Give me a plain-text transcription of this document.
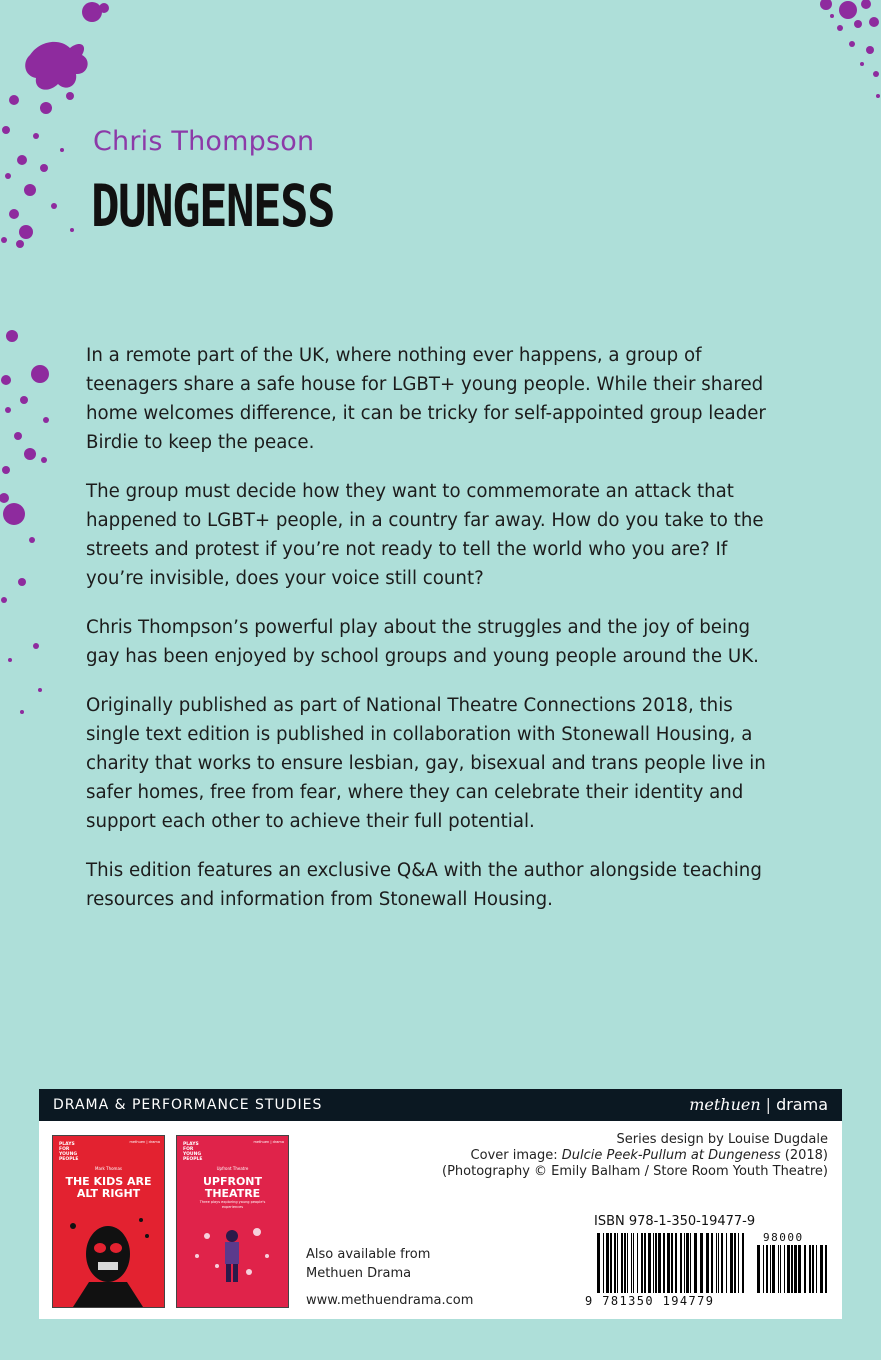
Chris Thompson
DUNGENESS

In a remote part of the UK, where nothing ever happens, a group of teenagers share a safe house for LGBT+ young people. While their shared home welcomes difference, it can be tricky for self-appointed group leader Birdie to keep the peace.

The group must decide how they want to commemorate an attack that happened to LGBT+ people, in a country far away. How do you take to the streets and protest if you’re not ready to tell the world who you are? If you’re invisible, does your voice still count?

Chris Thompson’s powerful play about the struggles and the joy of being gay has been enjoyed by school groups and young people around the UK.

Originally published as part of National Theatre Connections 2018, this single text edition is published in collaboration with Stonewall Housing, a charity that works to ensure lesbian, gay, bisexual and trans people live in safer homes, free from fear, where they can celebrate their identity and support each other to achieve their full potential.

This edition features an exclusive Q&A with the author alongside teaching resources and information from Stonewall Housing.

DRAMA & PERFORMANCE STUDIES	methuen | drama
PLAYS FOR YOUNG PEOPLE
methuen | drama
Mark Thomas
THE KIDS ARE ALT RIGHT
PLAYS FOR YOUNG PEOPLE
methuen | drama
Upfront Theatre
UPFRONT THEATRE
Three plays exploring young people's experiences
Also available from
Methuen Drama
www.methuendrama.com
Series design by Louise Dugdale
Cover image: Dulcie Peek-Pullum at Dungeness (2018)
(Photography © Emily Balham / Store Room Youth Theatre)
ISBN 978-1-350-19477-9
9 781350 194779
98000
